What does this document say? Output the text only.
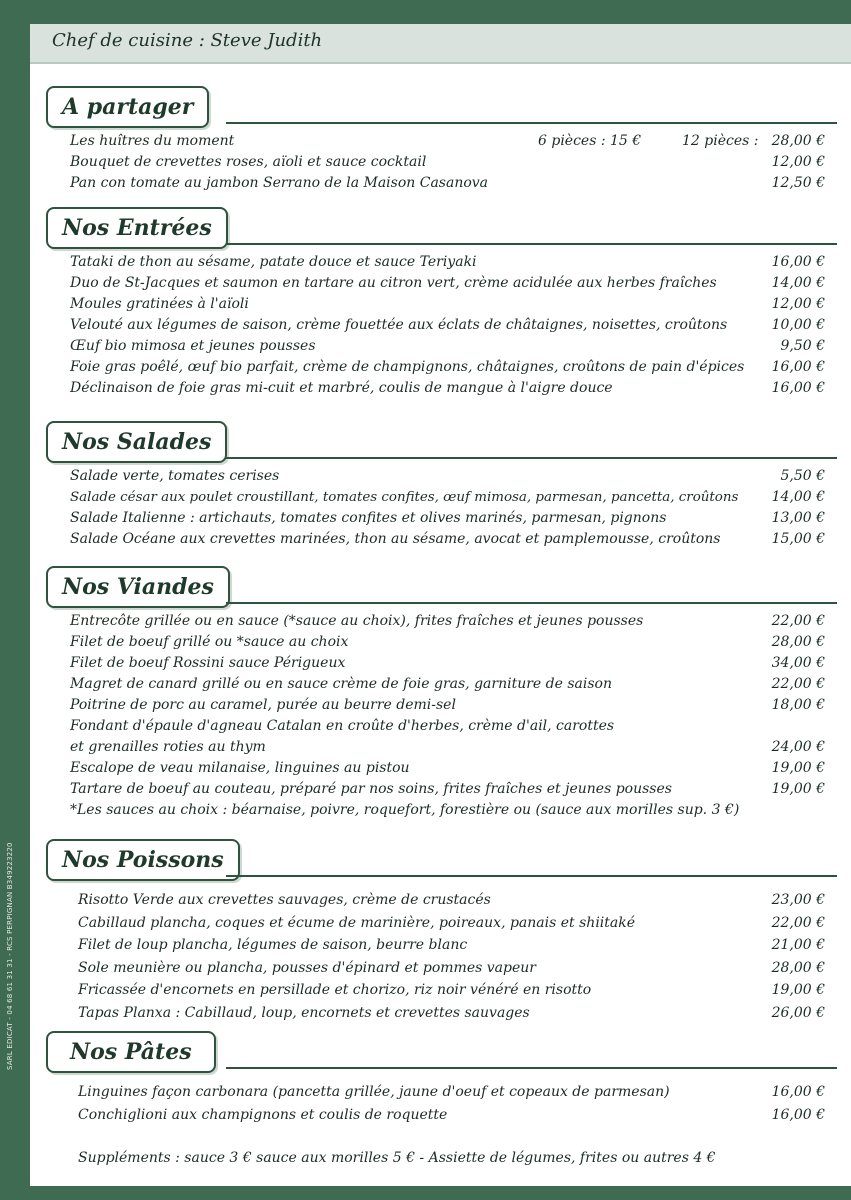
Chef de cuisine : Steve Judith
A partager
Les huîtres du moment	6 pièces : 15 €	12 pièces : 28,00 €
Bouquet de crevettes roses, aïoli et sauce cocktail	12,00 €
Pan con tomate au jambon Serrano de la Maison Casanova	12,50 €
Nos Entrées
Tataki de thon au sésame, patate douce et sauce Teriyaki	16,00 €
Duo de St-Jacques et saumon en tartare au citron vert, crème acidulée aux herbes fraîches	14,00 €
Moules gratinées à l'aïoli	12,00 €
Velouté aux légumes de saison, crème fouettée aux éclats de châtaignes, noisettes, croûtons	10,00 €
Œuf bio mimosa et jeunes pousses	9,50 €
Foie gras poêlé, œuf bio parfait, crème de champignons, châtaignes, croûtons de pain d'épices 16,00 €
Déclinaison de foie gras mi-cuit et marbré, coulis de mangue à l'aigre douce	16,00 €
Nos Salades
Salade verte, tomates cerises	5,50 €
Salade césar aux poulet croustillant, tomates confites, œuf mimosa, parmesan, pancetta, croûtons 14,00 €
Salade Italienne : artichauts, tomates confites et olives marinés, parmesan, pignons	13,00 €
Salade Océane aux crevettes marinées, thon au sésame, avocat et pamplemousse, croûtons	15,00 €
Nos Viandes
Entrecôte grillée ou en sauce (*sauce au choix), frites fraîches et jeunes pousses	22,00 €
Filet de boeuf grillé ou *sauce au choix	28,00 €
Filet de boeuf Rossini sauce Périgueux	34,00 €
Magret de canard grillé ou en sauce crème de foie gras, garniture de saison	22,00 €
Poitrine de porc au caramel, purée au beurre demi-sel	18,00 €
Fondant d'épaule d'agneau Catalan en croûte d'herbes, crème d'ail, carottes
et grenailles roties au thym	24,00 €
Escalope de veau milanaise, linguines au pistou	19,00 €
Tartare de boeuf au couteau, préparé par nos soins, frites fraîches et jeunes pousses	19,00 €
*Les sauces au choix : béarnaise, poivre, roquefort, forestière ou (sauce aux morilles sup. 3 €)
Nos Poissons
Risotto Verde aux crevettes sauvages, crème de crustacés	23,00 €
Cabillaud plancha, coques et écume de marinière, poireaux, panais et shiitaké	22,00 €
Filet de loup plancha, légumes de saison, beurre blanc	21,00 €
Sole meunière ou plancha, pousses d'épinard et pommes vapeur	28,00 €
Fricassée d'encornets en persillade et chorizo, riz noir vénéré en risotto	19,00 €
Tapas Planxa : Cabillaud, loup, encornets et crevettes sauvages	26,00 €
Nos Pâtes
Linguines façon carbonara (pancetta grillée, jaune d'oeuf et copeaux de parmesan)	16,00 €
Conchiglioni aux champignons et coulis de roquette	16,00 €
Suppléments : sauce 3 € sauce aux morilles 5 € - Assiette de légumes, frites ou autres 4 €
SARL EDICAT - 04 68 61 31 31 - RCS PERPIGNAN B349223220
